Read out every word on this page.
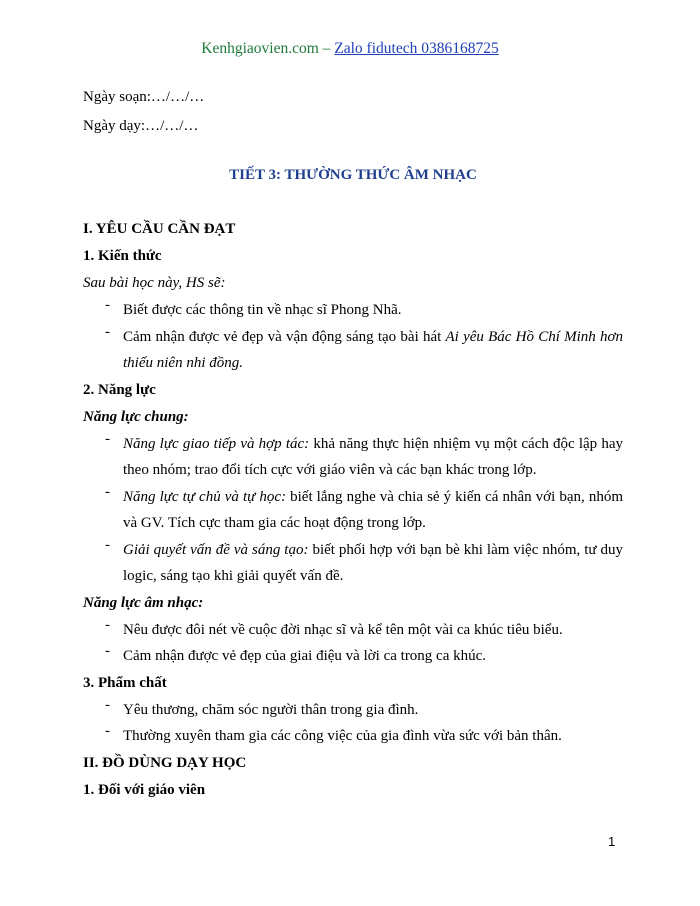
Kenhgiaovien.com – Zalo fidutech 0386168725
Ngày soạn:…/…/…
Ngày dạy:…/…/…
TIẾT 3: THƯỜNG THỨC ÂM NHẠC
I. YÊU CẦU CẦN ĐẠT
1. Kiến thức
Sau bài học này, HS sẽ:
- Biết được các thông tin về nhạc sĩ Phong Nhã.
- Cảm nhận được vẻ đẹp và vận động sáng tạo bài hát Ai yêu Bác Hồ Chí Minh hơn thiếu niên nhi đồng.
2. Năng lực
Năng lực chung:
- Năng lực giao tiếp và hợp tác: khả năng thực hiện nhiệm vụ một cách độc lập hay theo nhóm; trao đổi tích cực với giáo viên và các bạn khác trong lớp.
- Năng lực tự chủ và tự học: biết lắng nghe và chia sẻ ý kiến cá nhân với bạn, nhóm và GV. Tích cực tham gia các hoạt động trong lớp.
- Giải quyết vấn đề và sáng tạo: biết phối hợp với bạn bè khi làm việc nhóm, tư duy logic, sáng tạo khi giải quyết vấn đề.
Năng lực âm nhạc:
- Nêu được đôi nét về cuộc đời nhạc sĩ và kể tên một vài ca khúc tiêu biểu.
- Cảm nhận được vẻ đẹp của giai điệu và lời ca trong ca khúc.
3. Phẩm chất
- Yêu thương, chăm sóc người thân trong gia đình.
- Thường xuyên tham gia các công việc của gia đình vừa sức với bản thân.
II. ĐỒ DÙNG DẠY HỌC
1. Đối với giáo viên
1
